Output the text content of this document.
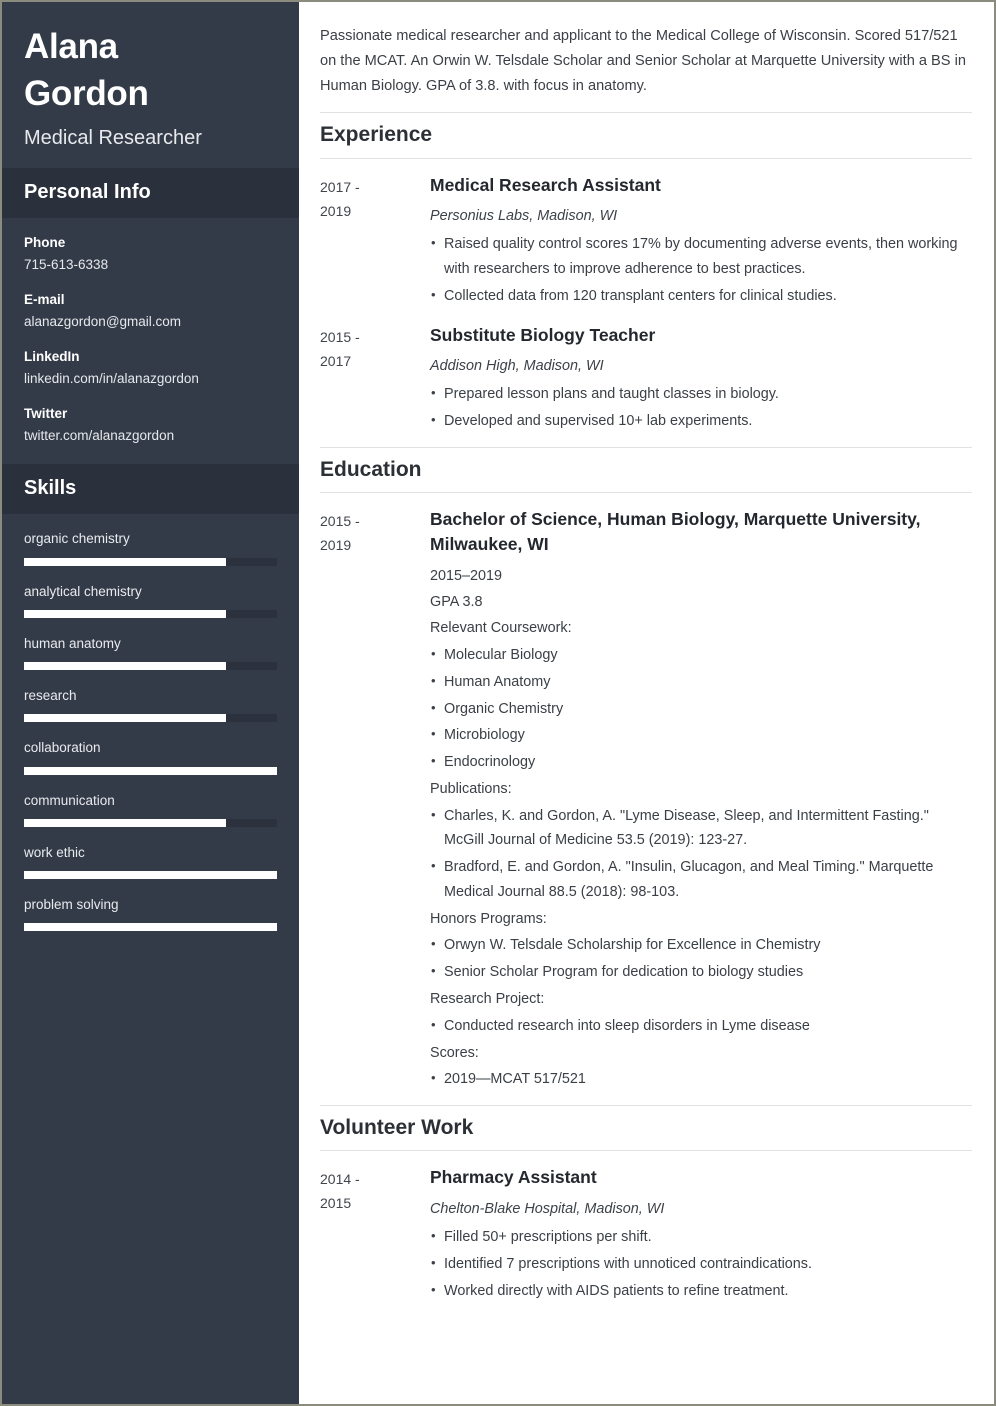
Alana
Gordon
Medical Researcher
Personal Info
Phone
715-613-6338
E-mail
alanazgordon@gmail.com
LinkedIn
linkedin.com/in/alanazgordon
Twitter
twitter.com/alanazgordon
Skills
organic chemistry
analytical chemistry
human anatomy
research
collaboration
communication
work ethic
problem solving

Passionate medical researcher and applicant to the Medical College of Wisconsin. Scored 517/521 on the MCAT. An Orwin W. Telsdale Scholar and Senior Scholar at Marquette University with a BS in Human Biology. GPA of 3.8. with focus in anatomy.

Experience
2017 -
2019
Medical Research Assistant
Personius Labs, Madison, WI
• Raised quality control scores 17% by documenting adverse events, then working with researchers to improve adherence to best practices.
• Collected data from 120 transplant centers for clinical studies.
2015 -
2017
Substitute Biology Teacher
Addison High, Madison, WI
• Prepared lesson plans and taught classes in biology.
• Developed and supervised 10+ lab experiments.
Education
2015 -
2019
Bachelor of Science, Human Biology, Marquette University, Milwaukee, WI
2015–2019
GPA 3.8
Relevant Coursework:
• Molecular Biology
• Human Anatomy
• Organic Chemistry
• Microbiology
• Endocrinology
Publications:
• Charles, K. and Gordon, A. "Lyme Disease, Sleep, and Intermittent Fasting." McGill Journal of Medicine 53.5 (2019): 123-27.
• Bradford, E. and Gordon, A. "Insulin, Glucagon, and Meal Timing." Marquette Medical Journal 88.5 (2018): 98-103.
Honors Programs:
• Orwyn W. Telsdale Scholarship for Excellence in Chemistry
• Senior Scholar Program for dedication to biology studies
Research Project:
• Conducted research into sleep disorders in Lyme disease
Scores:
• 2019—MCAT 517/521
Volunteer Work
2014 -
2015
Pharmacy Assistant
Chelton-Blake Hospital, Madison, WI
• Filled 50+ prescriptions per shift.
• Identified 7 prescriptions with unnoticed contraindications.
• Worked directly with AIDS patients to refine treatment.
